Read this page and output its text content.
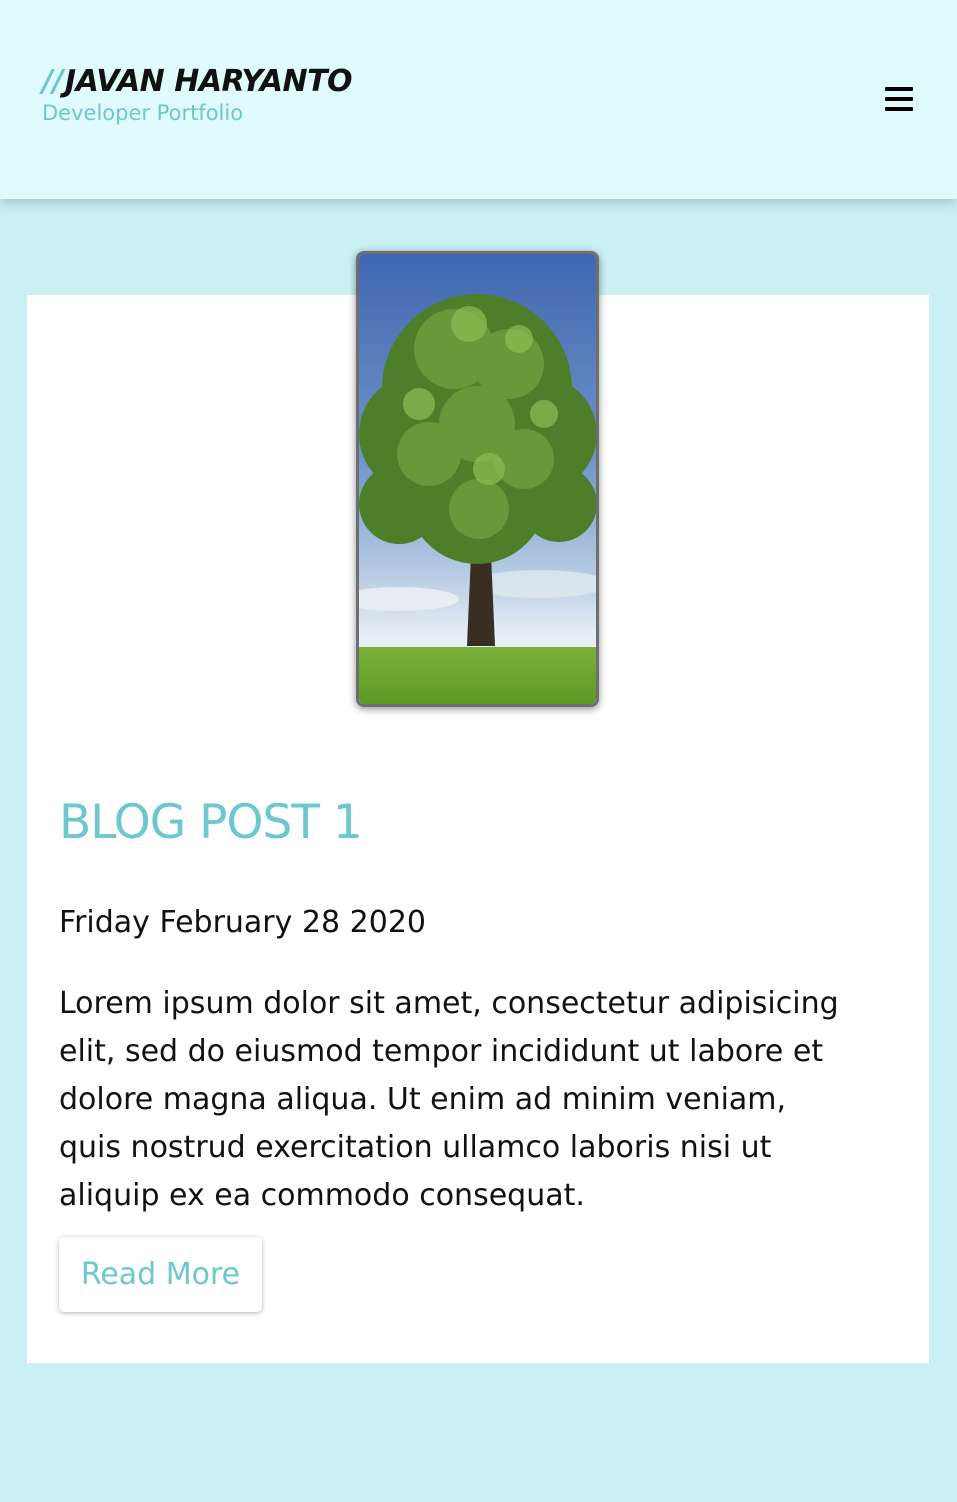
//JAVAN HARYANTO
Developer Portfolio
BLOG POST 1
Friday February 28 2020
Lorem ipsum dolor sit amet, consectetur adipisicing
elit, sed do eiusmod tempor incididunt ut labore et
dolore magna aliqua. Ut enim ad minim veniam,
quis nostrud exercitation ullamco laboris nisi ut
aliquip ex ea commodo consequat.
Read More
